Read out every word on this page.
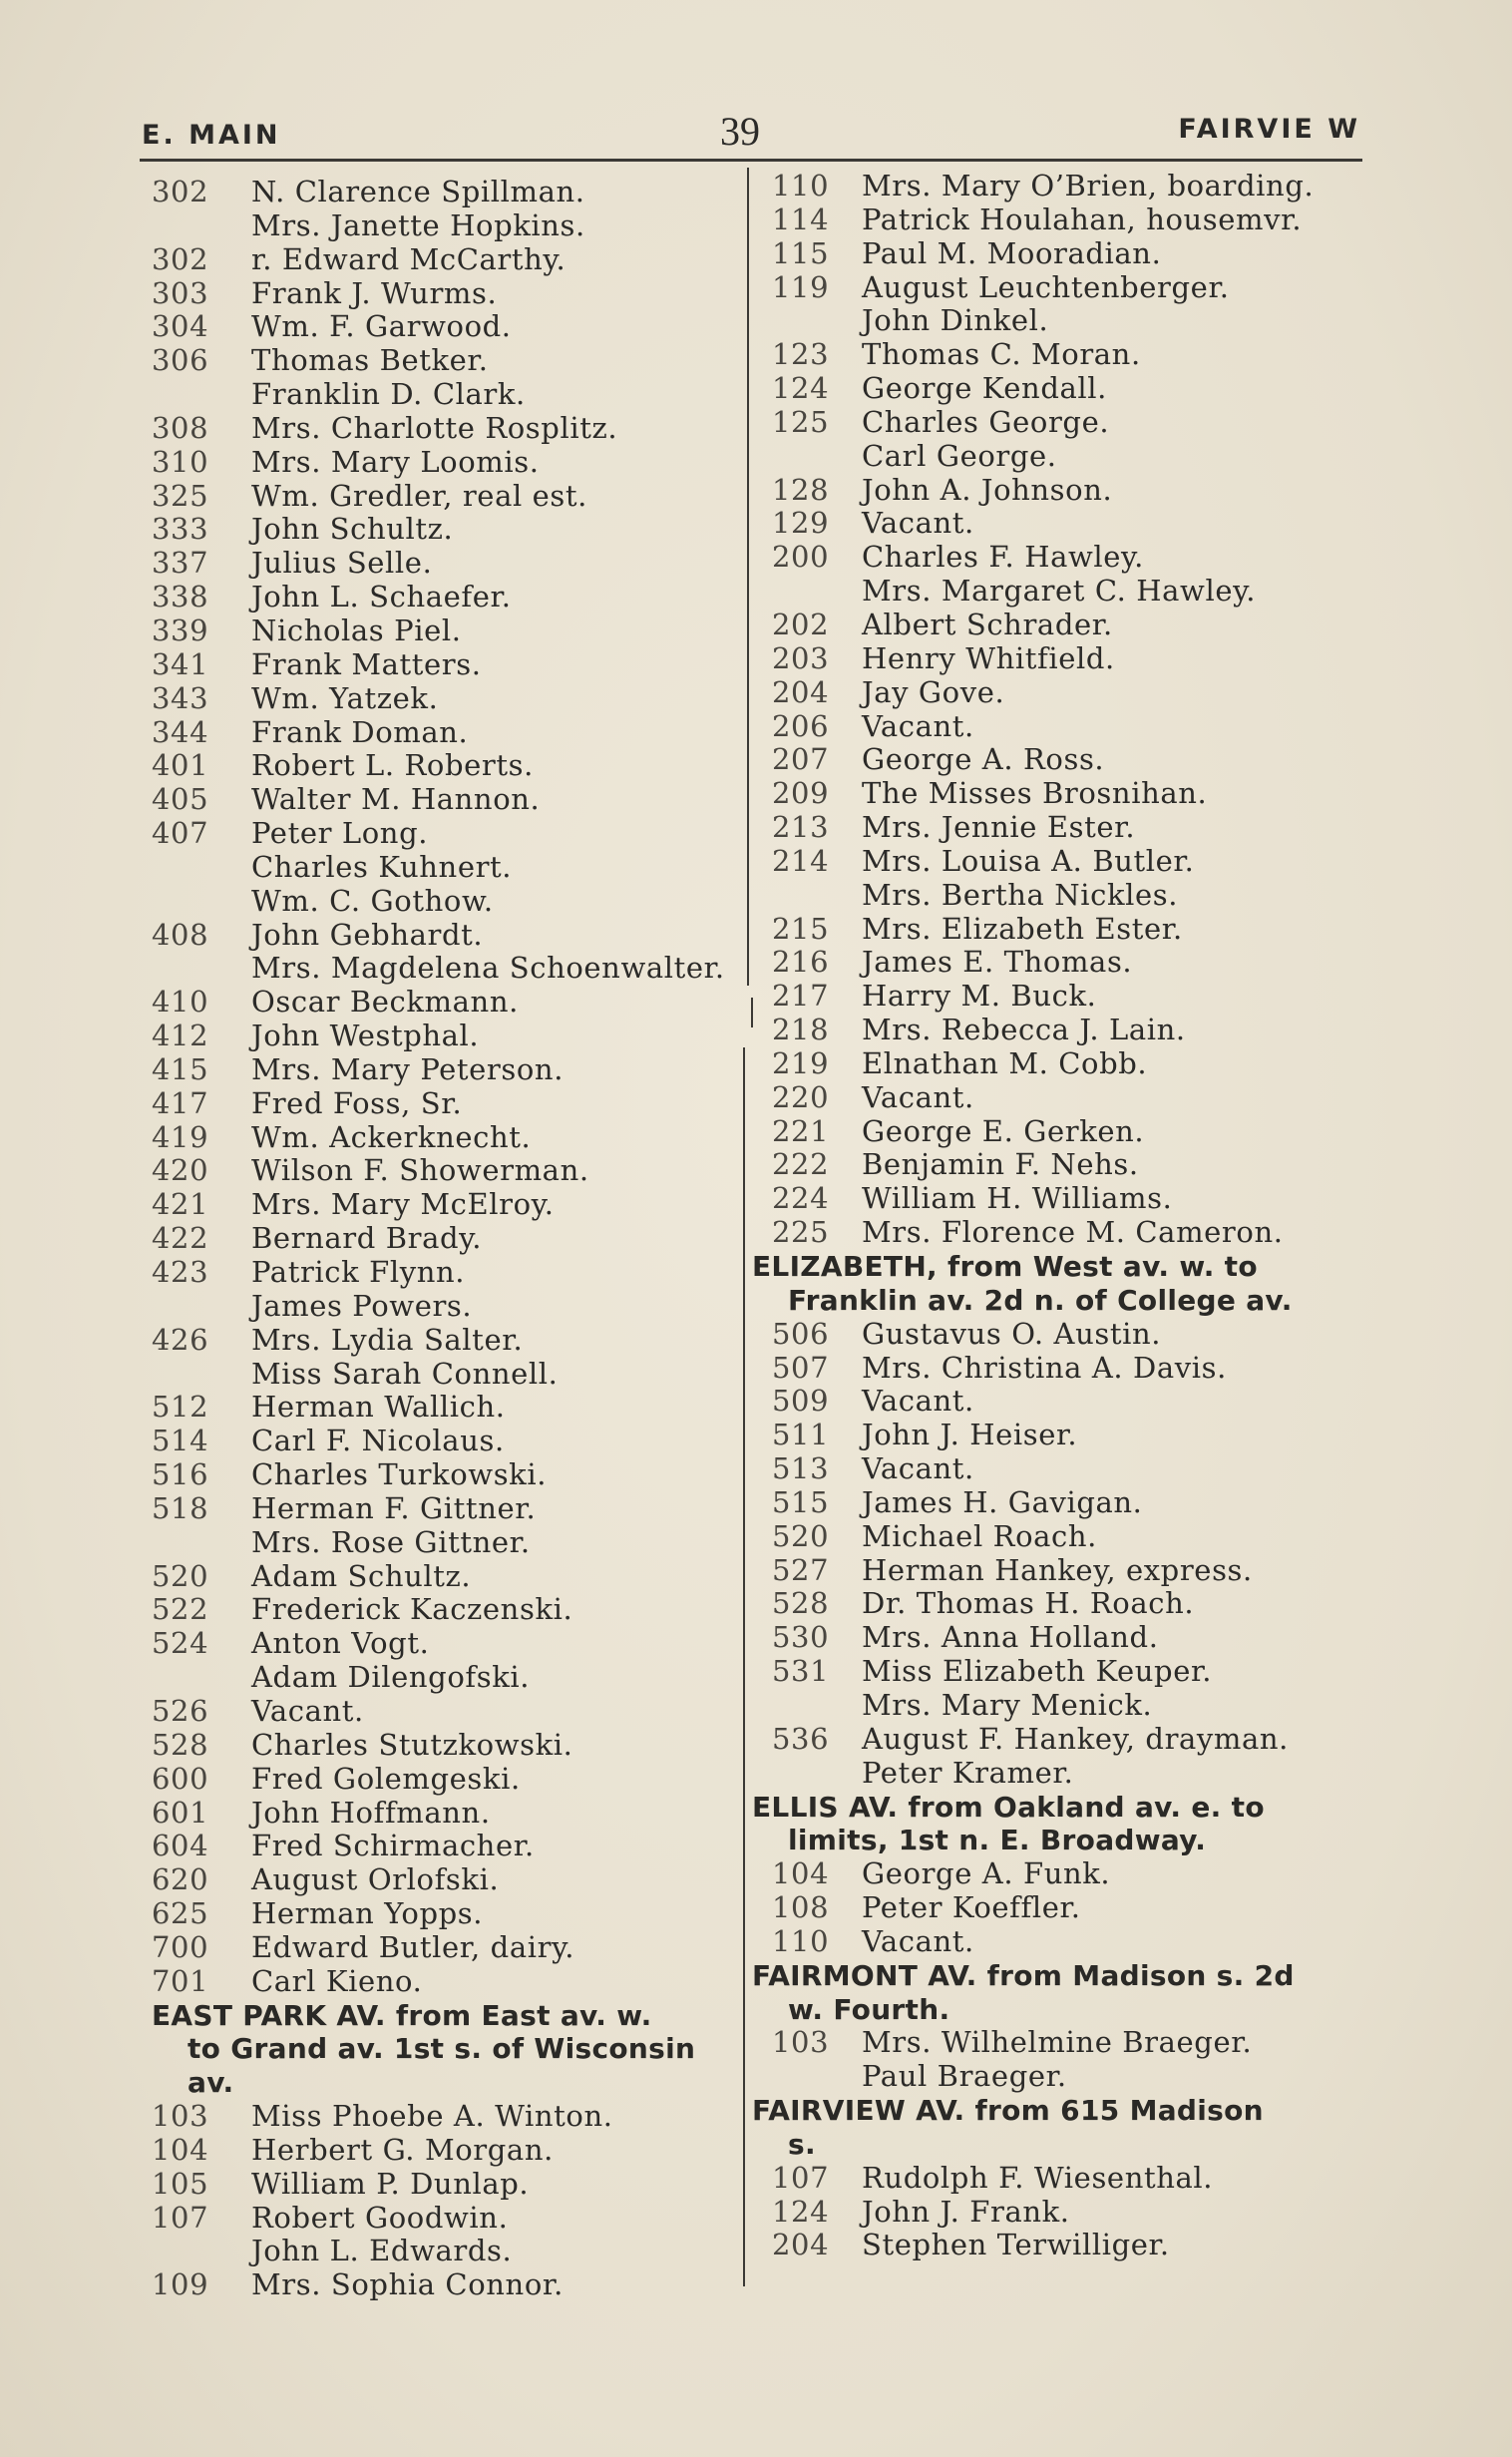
E. MAIN	39	FAIRVIE W
302	N. Clarence Spillman.
Mrs. Janette Hopkins.
302	r. Edward McCarthy.
303	Frank J. Wurms.
304	Wm. F. Garwood.
306	Thomas Betker.
Franklin D. Clark.
308	Mrs. Charlotte Rosplitz.
310	Mrs. Mary Loomis.
325	Wm. Gredler, real est.
333	John Schultz.
337	Julius Selle.
338	John L. Schaefer.
339	Nicholas Piel.
341	Frank Matters.
343	Wm. Yatzek.
344	Frank Doman.
401	Robert L. Roberts.
405	Walter M. Hannon.
407	Peter Long.
Charles Kuhnert.
Wm. C. Gothow.
408	John Gebhardt.
Mrs. Magdelena Schoenwalter.
410	Oscar Beckmann.
412	John Westphal.
415	Mrs. Mary Peterson.
417	Fred Foss, Sr.
419	Wm. Ackerknecht.
420	Wilson F. Showerman.
421	Mrs. Mary McElroy.
422	Bernard Brady.
423	Patrick Flynn.
James Powers.
426	Mrs. Lydia Salter.
Miss Sarah Connell.
512	Herman Wallich.
514	Carl F. Nicolaus.
516	Charles Turkowski.
518	Herman F. Gittner.
Mrs. Rose Gittner.
520	Adam Schultz.
522	Frederick Kaczenski.
524	Anton Vogt.
Adam Dilengofski.
526	Vacant.
528	Charles Stutzkowski.
600	Fred Golemgeski.
601	John Hoffmann.
604	Fred Schirmacher.
620	August Orlofski.
625	Herman Yopps.
700	Edward Butler, dairy.
701	Carl Kieno.
EAST PARK AV. from East av. w.
to Grand av. 1st s. of Wisconsin
av.
103	Miss Phoebe A. Winton.
104	Herbert G. Morgan.
105	William P. Dunlap.
107	Robert Goodwin.
John L. Edwards.
109	Mrs. Sophia Connor.
110	Mrs. Mary O’Brien, boarding.
114	Patrick Houlahan, housemvr.
115	Paul M. Mooradian.
119	August Leuchtenberger.
John Dinkel.
123	Thomas C. Moran.
124	George Kendall.
125	Charles George.
Carl George.
128	John A. Johnson.
129	Vacant.
200	Charles F. Hawley.
Mrs. Margaret C. Hawley.
202	Albert Schrader.
203	Henry Whitfield.
204	Jay Gove.
206	Vacant.
207	George A. Ross.
209	The Misses Brosnihan.
213	Mrs. Jennie Ester.
214	Mrs. Louisa A. Butler.
Mrs. Bertha Nickles.
215	Mrs. Elizabeth Ester.
216	James E. Thomas.
217	Harry M. Buck.
218	Mrs. Rebecca J. Lain.
219	Elnathan M. Cobb.
220	Vacant.
221	George E. Gerken.
222	Benjamin F. Nehs.
224	William H. Williams.
225	Mrs. Florence M. Cameron.
ELIZABETH, from West av. w. to
Franklin av. 2d n. of College av.
506	Gustavus O. Austin.
507	Mrs. Christina A. Davis.
509	Vacant.
511	John J. Heiser.
513	Vacant.
515	James H. Gavigan.
520	Michael Roach.
527	Herman Hankey, express.
528	Dr. Thomas H. Roach.
530	Mrs. Anna Holland.
531	Miss Elizabeth Keuper.
Mrs. Mary Menick.
536	August F. Hankey, drayman.
Peter Kramer.
ELLIS AV. from Oakland av. e. to
limits, 1st n. E. Broadway.
104	George A. Funk.
108	Peter Koeffler.
110	Vacant.
FAIRMONT AV. from Madison s. 2d
w. Fourth.
103	Mrs. Wilhelmine Braeger.
Paul Braeger.
FAIRVIEW AV. from 615 Madison
s.
107	Rudolph F. Wiesenthal.
124	John J. Frank.
204	Stephen Terwilliger.
